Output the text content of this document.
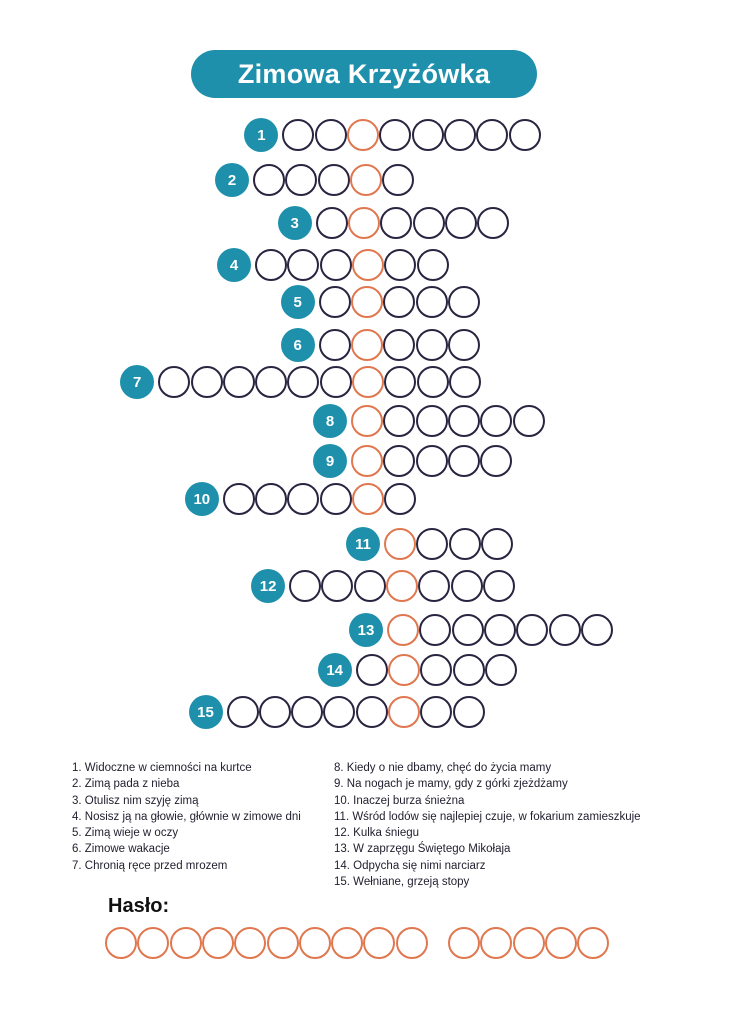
Zimowa Krzyżówka
1
2
3
4
5
6
7
8
9
10
11
12
13
14
15
1. Widoczne w ciemności na kurtce
2. Zimą pada z nieba
3. Otulisz nim szyję zimą
4. Nosisz ją na głowie, głównie w zimowe dni
5. Zimą wieje w oczy
6. Zimowe wakacje
7. Chronią ręce przed mrozem
8. Kiedy o nie dbamy, chęć do życia mamy
9. Na nogach je mamy, gdy z górki zjeżdżamy
10. Inaczej burza śnieżna
11. Wśród lodów się najlepiej czuje, w fokarium zamieszkuje
12. Kulka śniegu
13. W zaprzęgu Świętego Mikołaja
14. Odpycha się nimi narciarz
15. Wełniane, grzeją stopy
Hasło:
